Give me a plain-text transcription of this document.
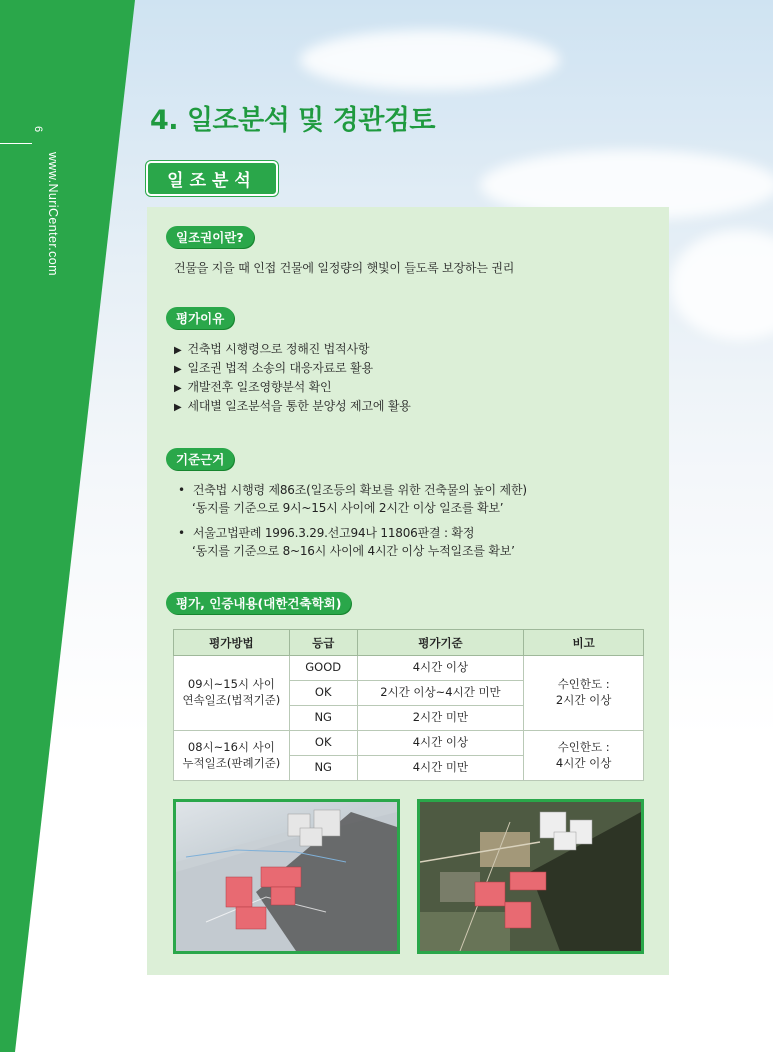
6
www.NuriCenter.com
4. 일조분석 및 경관검토
일조분석
일조권이란?
건물을 지을 때 인접 건물에 일정량의 햇빛이 들도록 보장하는 권리
평가이유
▶ 건축법 시행령으로 정해진 법적사항
▶ 일조권 법적 소송의 대응자료로 활용
▶ 개발전후 일조영향분석 확인
▶ 세대별 일조분석을 통한 분양성 제고에 활용
기준근거
• 건축법 시행령 제86조(일조등의 확보를 위한 건축물의 높이 제한)
‘동지를 기준으로 9시~15시 사이에 2시간 이상 일조를 확보’
• 서울고법판례 1996.3.29.선고94나 11806판결 : 확정
‘동지를 기준으로 8~16시 사이에 4시간 이상 누적일조를 확보’
평가, 인증내용(대한건축학회)
평가방법	등급	평가기준	비고
09시~15시 사이
연속일조(법적기준)	GOOD	4시간 이상	수인한도 :
2시간 이상
	OK	2시간 이상~4시간 미만	
	NG	2시간 미만	
08시~16시 사이
누적일조(판례기준)	OK	4시간 이상	수인한도 :
4시간 이상
	NG	4시간 미만	
